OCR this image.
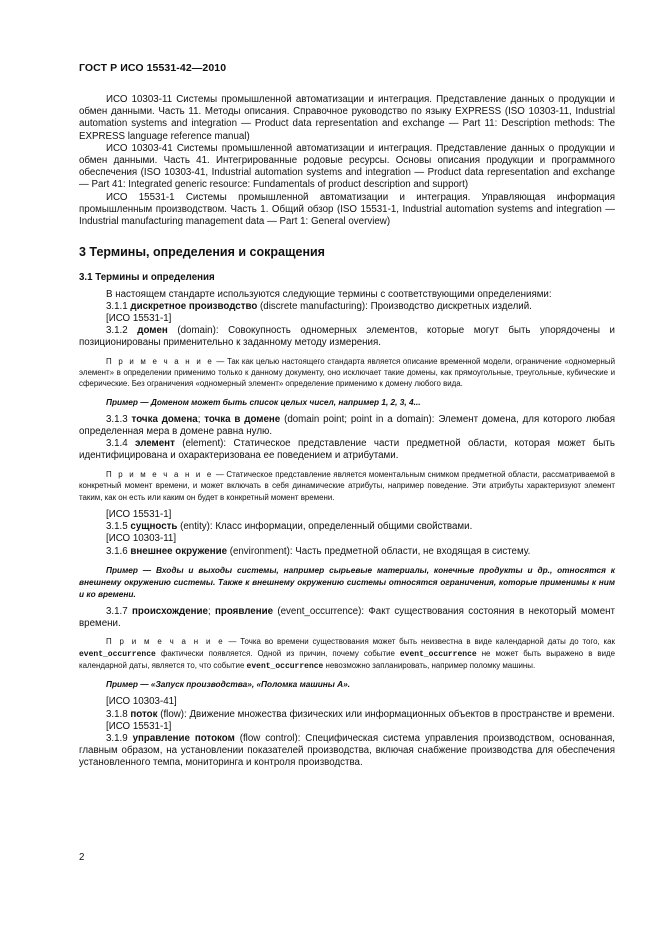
ГОСТ Р ИСО 15531-42—2010

ИСО 10303-11 Системы промышленной автоматизации и интеграция. Представление данных о продукции и обмен данными. Часть 11. Методы описания. Справочное руководство по языку EXPRESS (ISO 10303-11, Industrial automation systems and integration — Product data representation and exchange — Part 11: Description methods: The EXPRESS language reference manual)

ИСО 10303-41 Системы промышленной автоматизации и интеграция. Представление данных о продукции и обмен данными. Часть 41. Интегрированные родовые ресурсы. Основы описания продукции и программного обеспечения (ISO 10303-41, Industrial automation systems and integration — Product data representation and exchange — Part 41: Integrated generic resource: Fundamentals of product description and support)

ИСО 15531-1 Системы промышленной автоматизации и интеграция. Управляющая информация промышленным производством. Часть 1. Общий обзор (ISO 15531-1, Industrial automation systems and integration — Industrial manufacturing management data — Part 1: General overview)

3 Термины, определения и сокращения

3.1 Термины и определения

В настоящем стандарте используются следующие термины с соответствующими определениями:

3.1.1 дискретное производство (discrete manufacturing): Производство дискретных изделий.

[ИСО 15531-1]

3.1.2 домен (domain): Совокупность одномерных элементов, которые могут быть упорядочены и позиционированы применительно к заданному методу измерения.

П р и м е ч а н и е — Так как целью настоящего стандарта является описание временной модели, ограничение «одномерный элемент» в определении применимо только к данному документу, оно исключает такие домены, как прямоугольные, треугольные, кубические и сферические. Без ограничения «одномерный элемент» определение применимо к домену любого вида.

Пример — Доменом может быть список целых чисел, например 1, 2, 3, 4...

3.1.3 точка домена; точка в домене (domain point; point in a domain): Элемент домена, для которого любая определенная мера в домене равна нулю.

3.1.4 элемент (element): Статическое представление части предметной области, которая может быть идентифицирована и охарактеризована ее поведением и атрибутами.

П р и м е ч а н и е — Статическое представление является моментальным снимком предметной области, рассматриваемой в конкретный момент времени, и может включать в себя динамические атрибуты, например поведение. Эти атрибуты характеризуют элемент таким, как он есть или каким он будет в конкретный момент времени.

[ИСО 15531-1]

3.1.5 сущность (entity): Класс информации, определенный общими свойствами.

[ИСО 10303-11]

3.1.6 внешнее окружение (environment): Часть предметной области, не входящая в систему.

Пример — Входы и выходы системы, например сырьевые материалы, конечные продукты и др., относятся к внешнему окружению системы. Также к внешнему окружению системы относятся ограничения, которые применимы к ним и ко времени.

3.1.7 происхождение; проявление (event_occurrence): Факт существования состояния в некоторый момент времени.

П р и м е ч а н и е — Точка во времени существования может быть неизвестна в виде календарной даты до того, как event_occurrence фактически появляется. Одной из причин, почему событие event_occurrence не может быть выражено в виде календарной даты, является то, что событие event_occurrence невозможно запланировать, например поломку машины.

Пример — «Запуск производства», «Поломка машины А».

[ИСО 10303-41]

3.1.8 поток (flow): Движение множества физических или информационных объектов в пространстве и времени.

[ИСО 15531-1]

3.1.9 управление потоком (flow control): Специфическая система управления производством, основанная, главным образом, на установлении показателей производства, включая снабжение производства для обеспечения установленного темпа, мониторинга и контроля производства.

2
